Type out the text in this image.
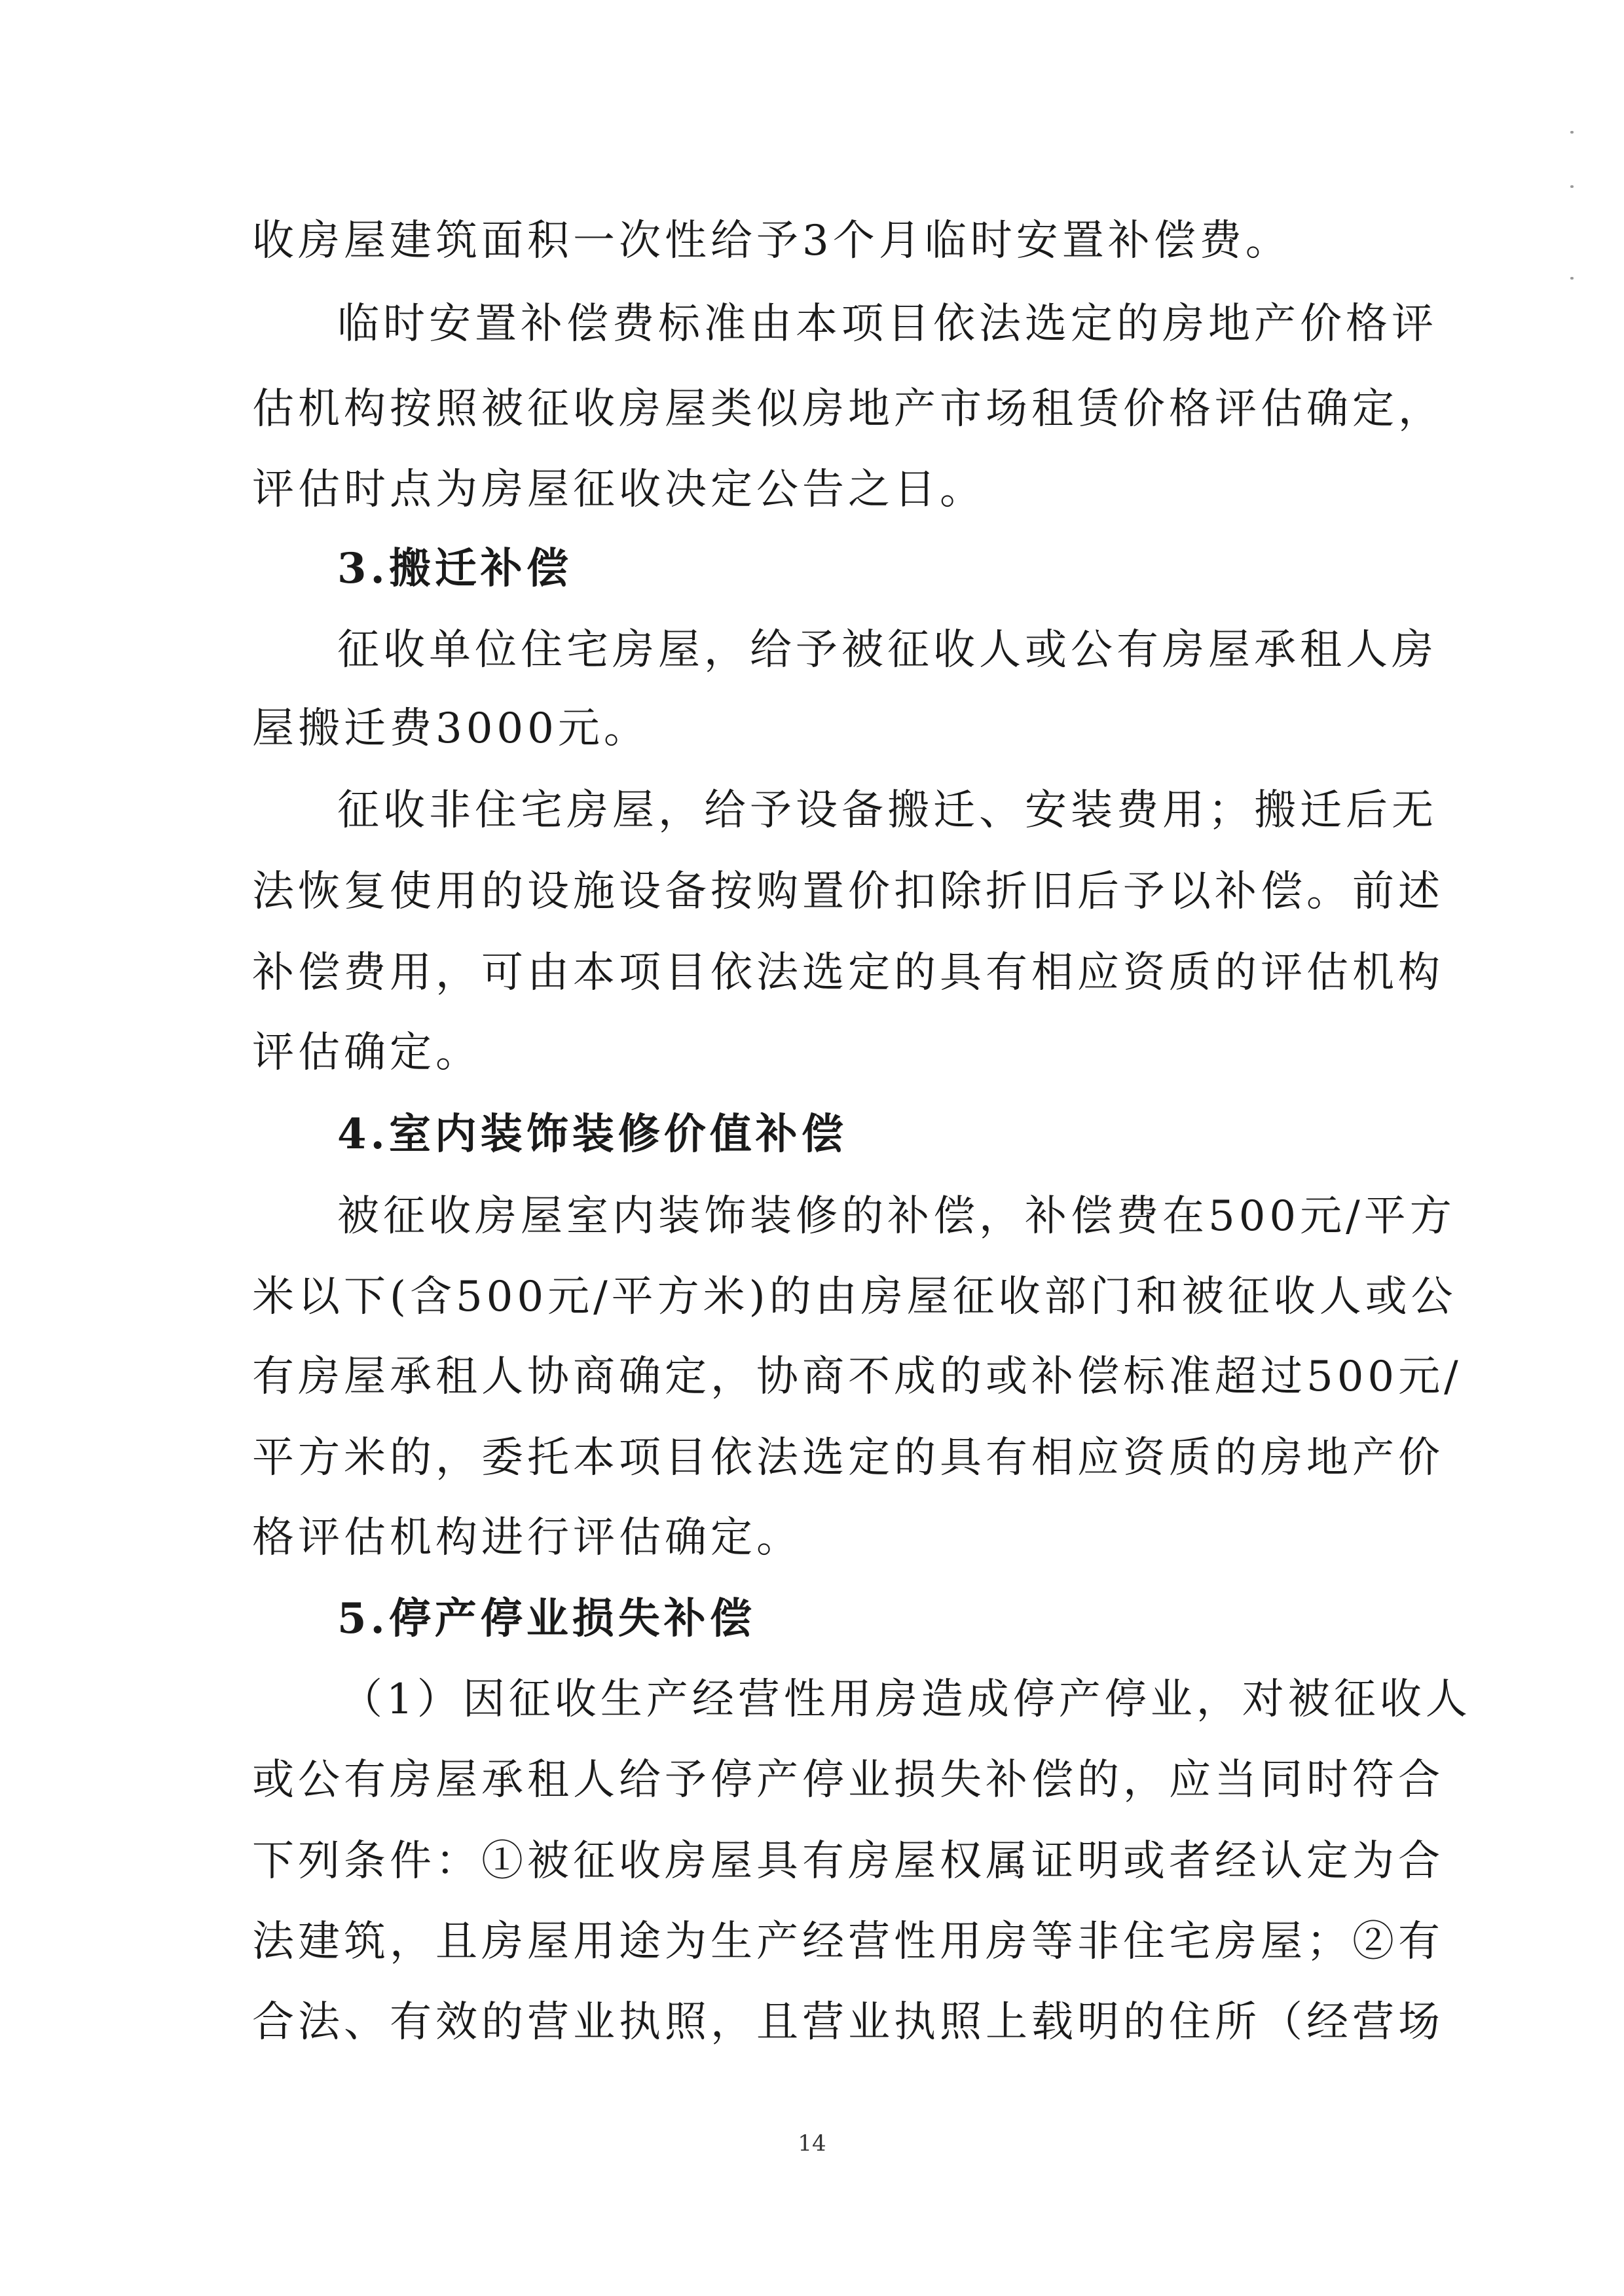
收房屋建筑面积一次性给予3个月临时安置补偿费。
临时安置补偿费标准由本项目依法选定的房地产价格评
估机构按照被征收房屋类似房地产市场租赁价格评估确定，
评估时点为房屋征收决定公告之日。
3.搬迁补偿
征收单位住宅房屋，给予被征收人或公有房屋承租人房
屋搬迁费3000元。
征收非住宅房屋，给予设备搬迁、安装费用；搬迁后无
法恢复使用的设施设备按购置价扣除折旧后予以补偿。前述
补偿费用，可由本项目依法选定的具有相应资质的评估机构
评估确定。
4.室内装饰装修价值补偿
被征收房屋室内装饰装修的补偿，补偿费在500元/平方
米以下(含500元/平方米)的由房屋征收部门和被征收人或公
有房屋承租人协商确定，协商不成的或补偿标准超过500元/
平方米的，委托本项目依法选定的具有相应资质的房地产价
格评估机构进行评估确定。
5.停产停业损失补偿
（1）因征收生产经营性用房造成停产停业，对被征收人
或公有房屋承租人给予停产停业损失补偿的，应当同时符合
下列条件：①被征收房屋具有房屋权属证明或者经认定为合
法建筑，且房屋用途为生产经营性用房等非住宅房屋；②有
合法、有效的营业执照，且营业执照上载明的住所（经营场
14
